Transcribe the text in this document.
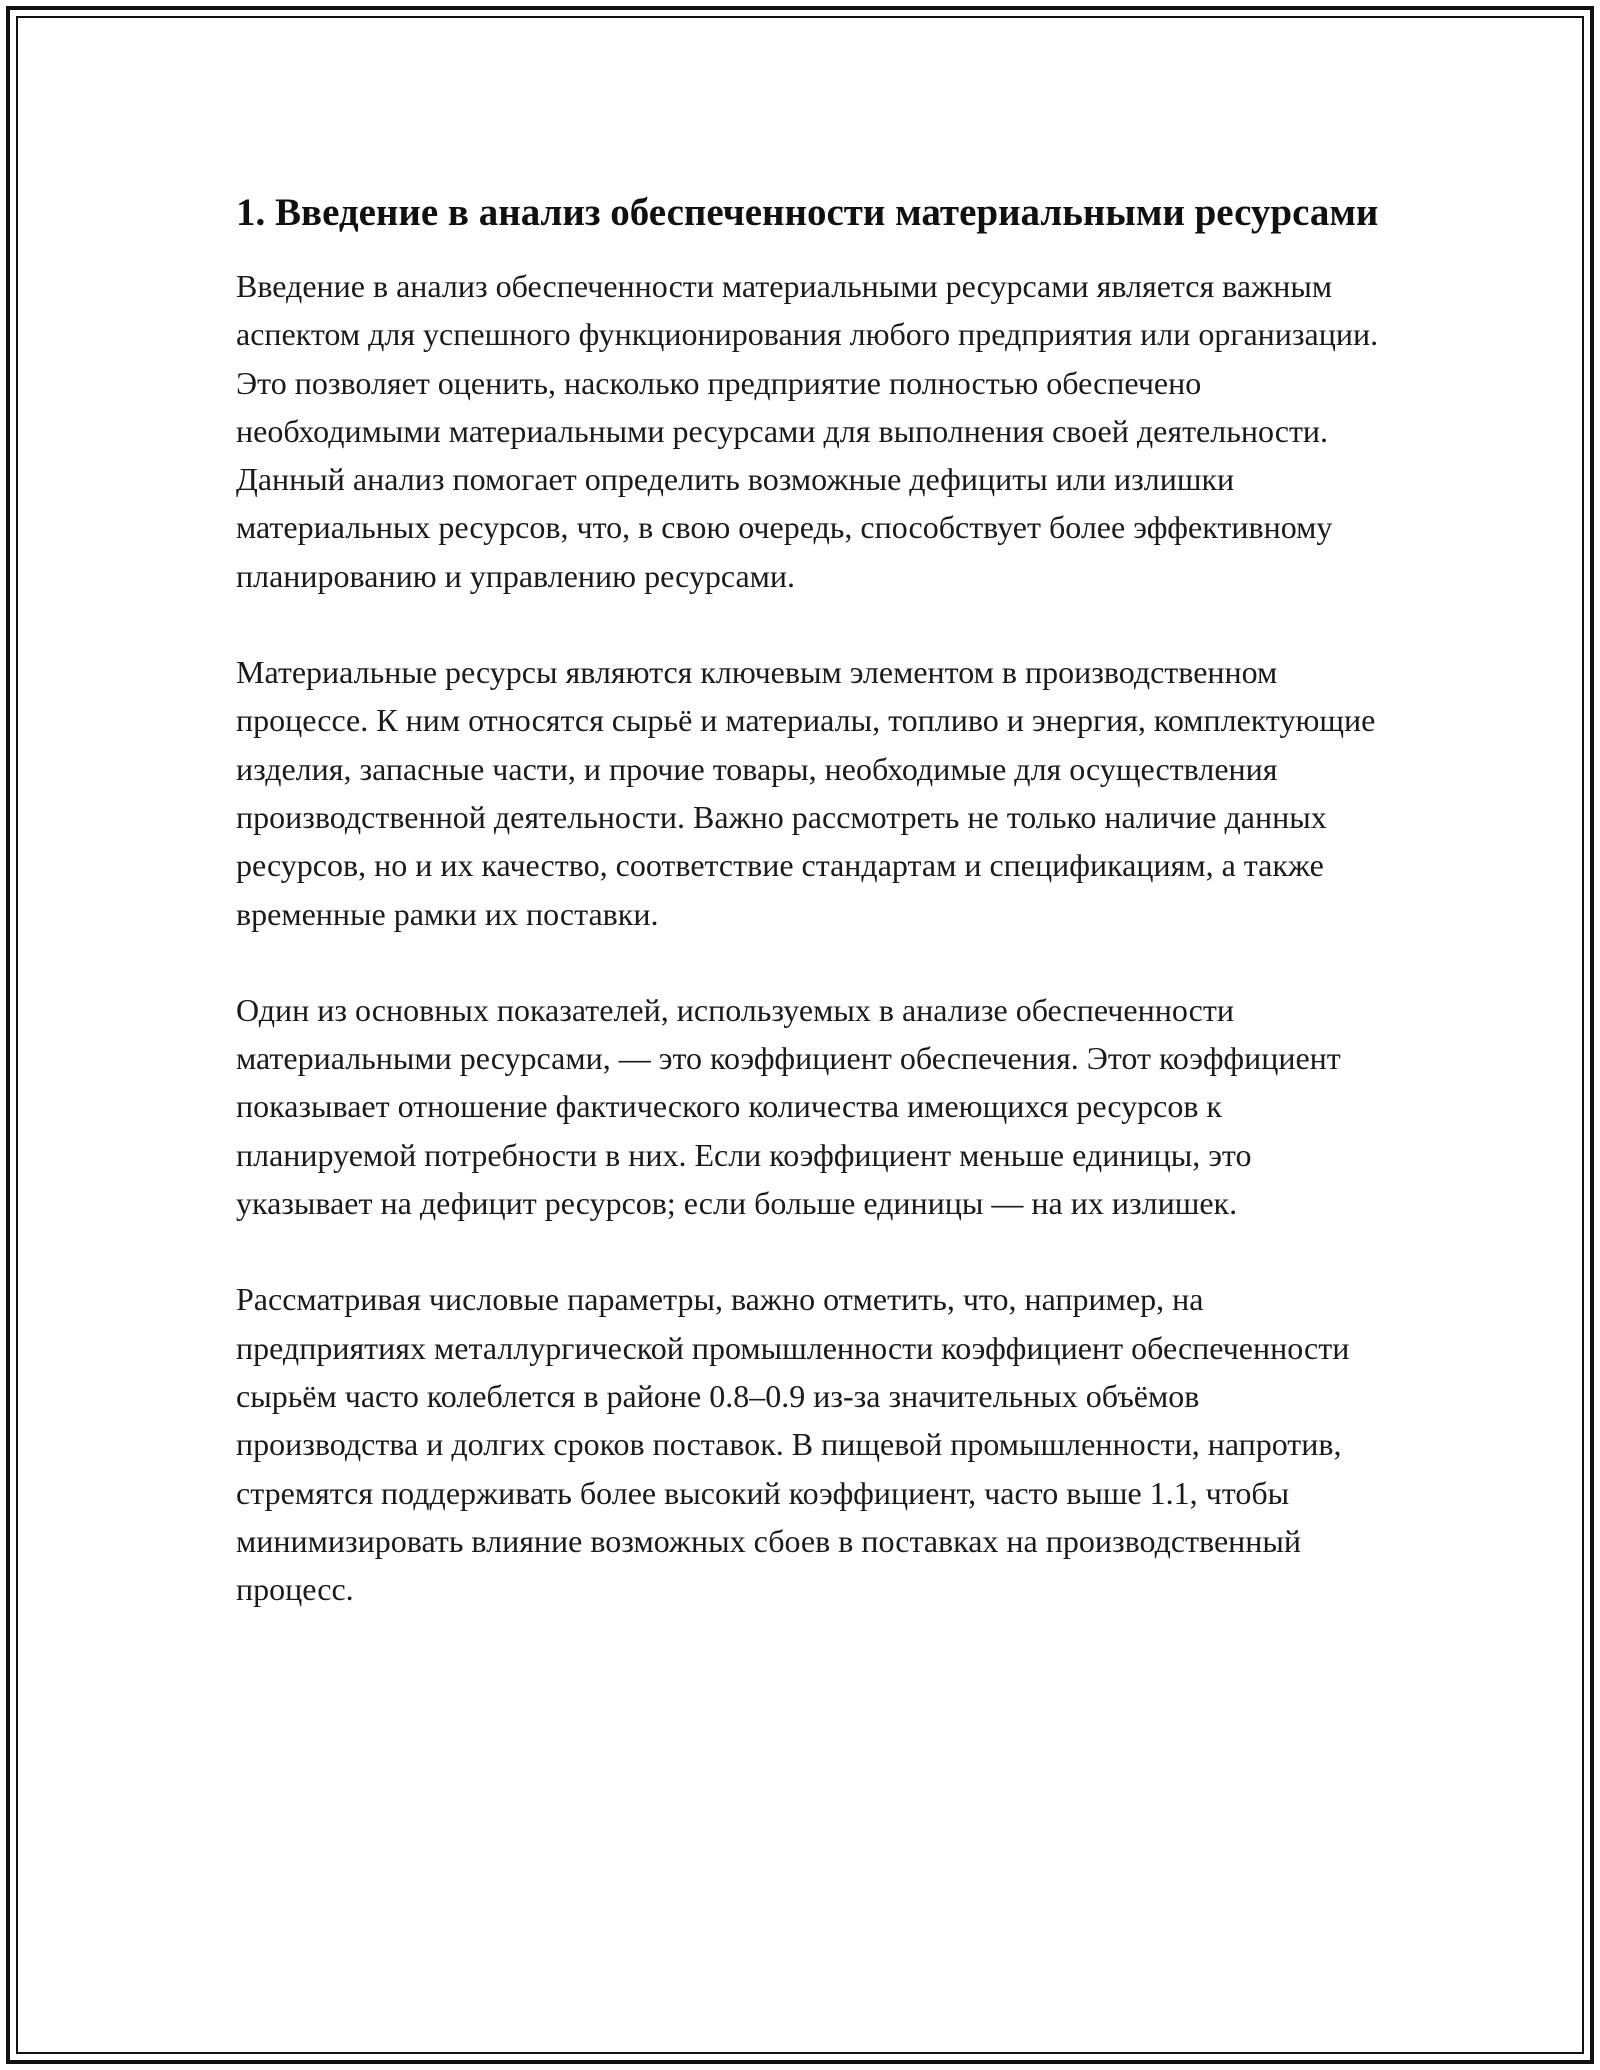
1. Введение в анализ обеспеченности материальными ресурсами

Введение в анализ обеспеченности материальными ресурсами является важным аспектом для успешного функционирования любого предприятия или организации. Это позволяет оценить, насколько предприятие полностью обеспечено необходимыми материальными ресурсами для выполнения своей деятельности. Данный анализ помогает определить возможные дефициты или излишки материальных ресурсов, что, в свою очередь, способствует более эффективному планированию и управлению ресурсами.

Материальные ресурсы являются ключевым элементом в производственном процессе. К ним относятся сырьё и материалы, топливо и энергия, комплектующие изделия, запасные части, и прочие товары, необходимые для осуществления производственной деятельности. Важно рассмотреть не только наличие данных ресурсов, но и их качество, соответствие стандартам и спецификациям, а также временные рамки их поставки.

Один из основных показателей, используемых в анализе обеспеченности материальными ресурсами, — это коэффициент обеспечения. Этот коэффициент показывает отношение фактического количества имеющихся ресурсов к планируемой потребности в них. Если коэффициент меньше единицы, это указывает на дефицит ресурсов; если больше единицы — на их излишек.

Рассматривая числовые параметры, важно отметить, что, например, на предприятиях металлургической промышленности коэффициент обеспеченности сырьём часто колеблется в районе 0.8–0.9 из-за значительных объёмов производства и долгих сроков поставок. В пищевой промышленности, напротив, стремятся поддерживать более высокий коэффициент, часто выше 1.1, чтобы минимизировать влияние возможных сбоев в поставках на производственный процесс.
